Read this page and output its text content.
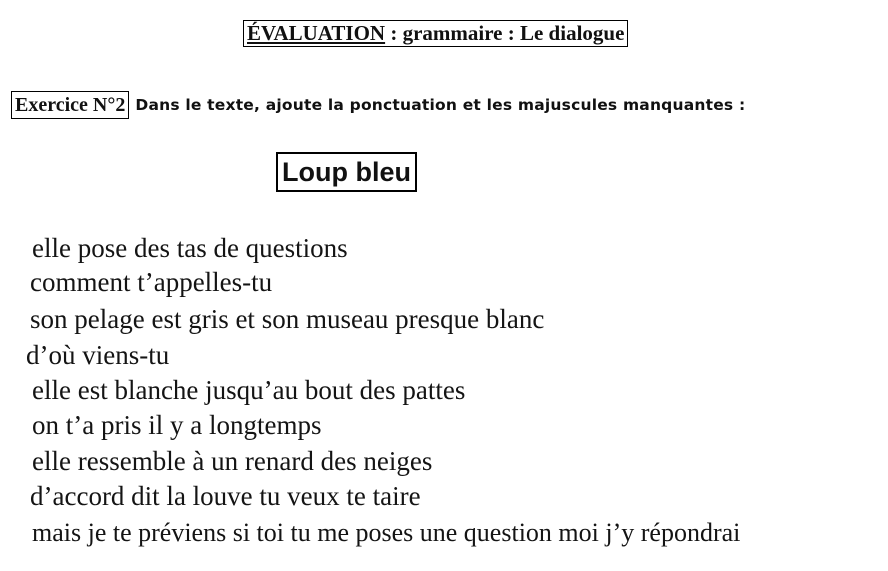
ÉVALUATION : grammaire : Le dialogue
Exercice N°2 Dans le texte, ajoute la ponctuation et les majuscules manquantes :
Loup bleu
elle pose des tas de questions
comment t’appelles-tu
son pelage est gris et son museau presque blanc
d’où viens-tu
elle est blanche jusqu’au bout des pattes
on t’a pris il y a longtemps
elle ressemble à un renard des neiges
d’accord dit la louve tu veux te taire
mais je te préviens si toi tu me poses une question moi j’y répondrai
